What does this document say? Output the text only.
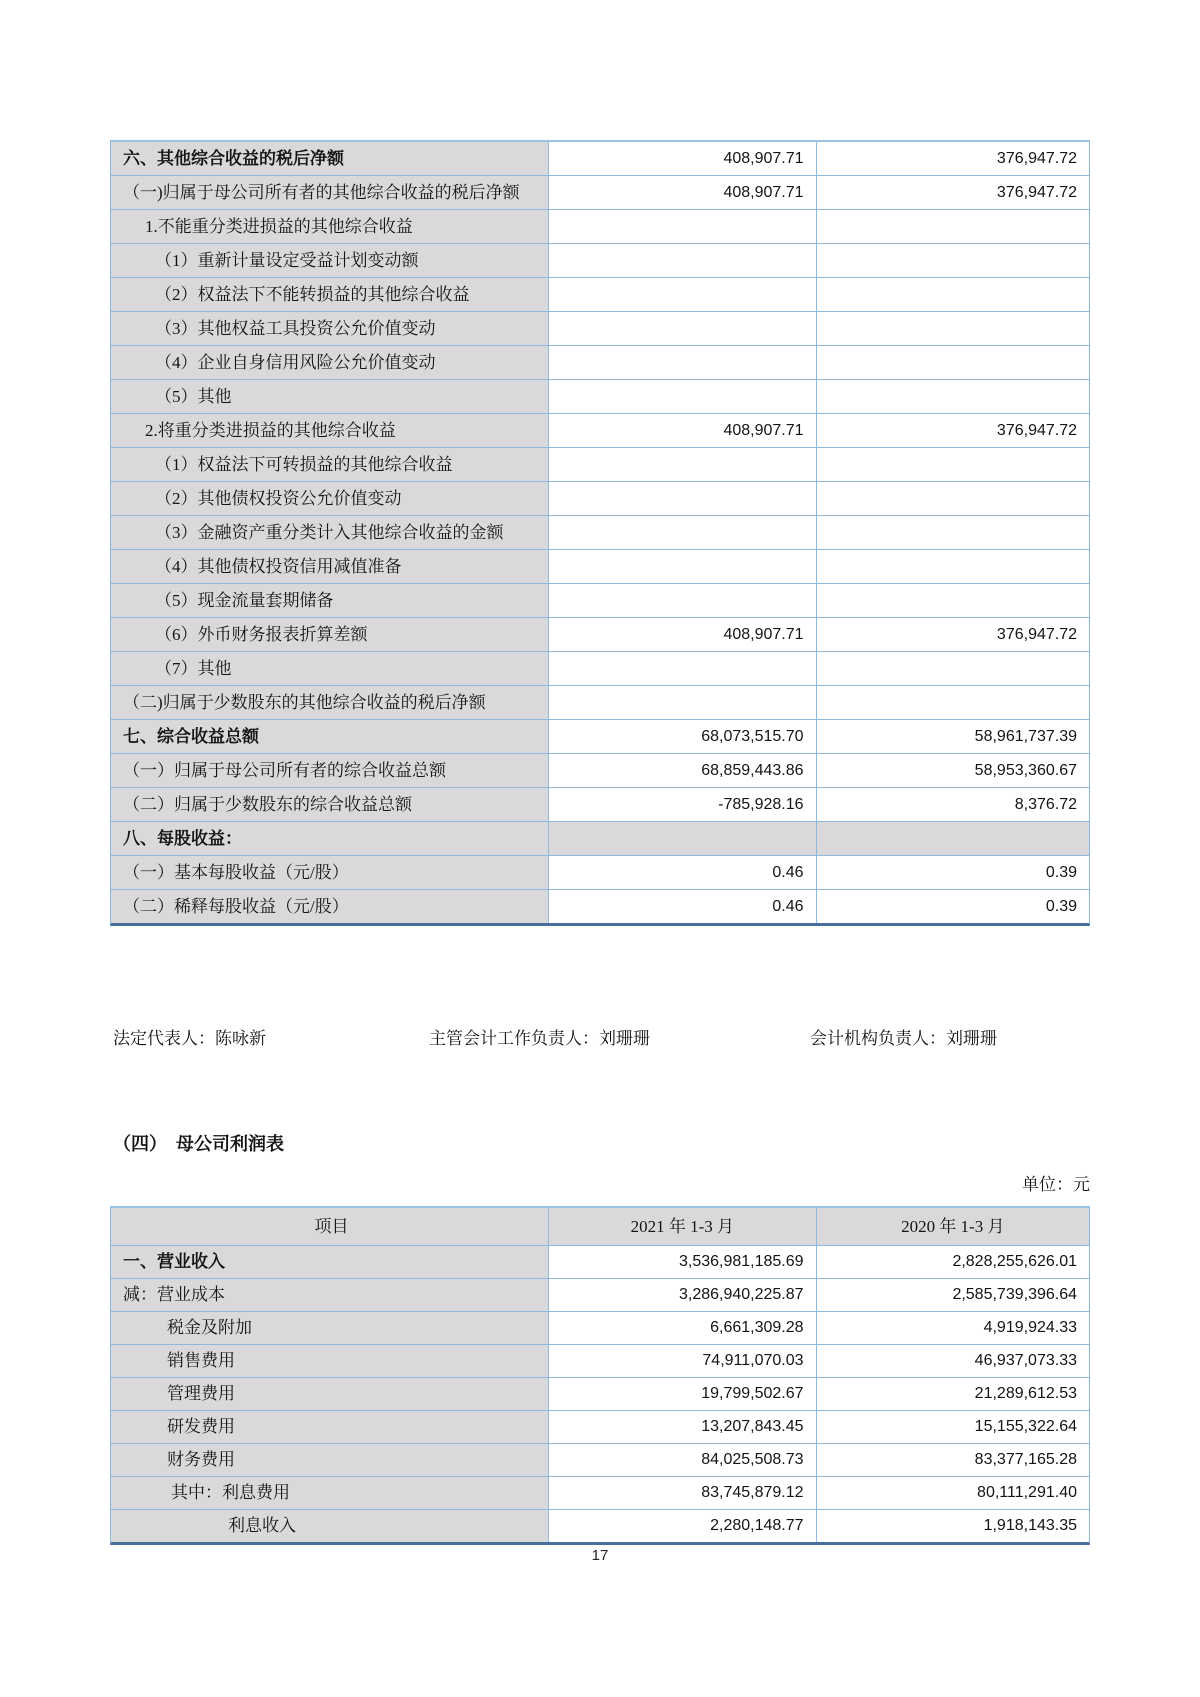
六、其他综合收益的税后净额	408,907.71	376,947.72
（一)归属于母公司所有者的其他综合收益的税后净额	408,907.71	376,947.72
1.不能重分类进损益的其他综合收益
（1）重新计量设定受益计划变动额
（2）权益法下不能转损益的其他综合收益
（3）其他权益工具投资公允价值变动
（4）企业自身信用风险公允价值变动
（5）其他
2.将重分类进损益的其他综合收益	408,907.71	376,947.72
（1）权益法下可转损益的其他综合收益
（2）其他债权投资公允价值变动
（3）金融资产重分类计入其他综合收益的金额
（4）其他债权投资信用减值准备
（5）现金流量套期储备
（6）外币财务报表折算差额	408,907.71	376,947.72
（7）其他
（二)归属于少数股东的其他综合收益的税后净额
七、综合收益总额	68,073,515.70	58,961,737.39
（一）归属于母公司所有者的综合收益总额	68,859,443.86	58,953,360.67
（二）归属于少数股东的综合收益总额	-785,928.16	8,376.72
八、每股收益：
（一）基本每股收益（元/股）	0.46	0.39
（二）稀释每股收益（元/股）	0.46	0.39
法定代表人：陈咏新	主管会计工作负责人：刘珊珊	会计机构负责人：刘珊珊
（四）　母公司利润表
单位：元
项目	2021 年 1-3 月	2020 年 1-3 月
一、营业收入	3,536,981,185.69	2,828,255,626.01
减：营业成本	3,286,940,225.87	2,585,739,396.64
税金及附加	6,661,309.28	4,919,924.33
销售费用	74,911,070.03	46,937,073.33
管理费用	19,799,502.67	21,289,612.53
研发费用	13,207,843.45	15,155,322.64
财务费用	84,025,508.73	83,377,165.28
其中：利息费用	83,745,879.12	80,111,291.40
利息收入	2,280,148.77	1,918,143.35
17
